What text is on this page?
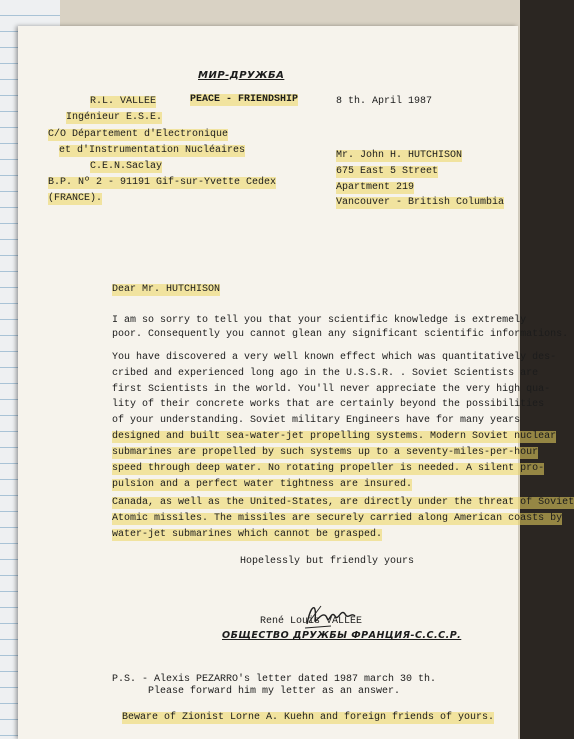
МИР-ДРУЖБА
PEACE - FRIENDSHIP
R.L. VALLEE
Ingénieur E.S.E.
C/O Département d'Electronique
et d'Instrumentation Nucléaires
C.E.N.Saclay
B.P. Nº 2 - 91191 Gif-sur-Yvette Cedex
(FRANCE).
8 th. April 1987
Mr. John H. HUTCHISON
675 East 5 Street
Apartment 219
Vancouver - British Columbia
Dear Mr. HUTCHISON
I am so sorry to tell you that your scientific knowledge is extremely
poor. Consequently you cannot glean any significant scientific informations.
You have discovered a very well known effect which was quantitatively des-
cribed and experienced long ago in the U.S.S.R. . Soviet Scientists are
first Scientists in the world. You'll never appreciate the very high qua-
lity of their concrete works that are certainly beyond the possibilities
of your understanding. Soviet military Engineers have for many years
designed and built sea-water-jet propelling systems. Modern Soviet nuclear
submarines are propelled by such systems up to a seventy-miles-per-hour
speed through deep water. No rotating propeller is needed. A silent pro-
pulsion and a perfect water tightness are insured.
Canada, as well as the United-States, are directly under the threat of Soviet
Atomic missiles. The missiles are securely carried along American coasts by
water-jet submarines which cannot be grasped.
Hopelessly but friendly yours
René Louis VALLEE
ОБЩЕСТВО ДРУЖБЫ ФРАНЦИЯ-С.С.С.Р.
P.S. - Alexis PEZARRO's letter dated 1987 march 30 th.
Please forward him my letter as an answer.
Beware of Zionist Lorne A. Kuehn and foreign friends of yours.
